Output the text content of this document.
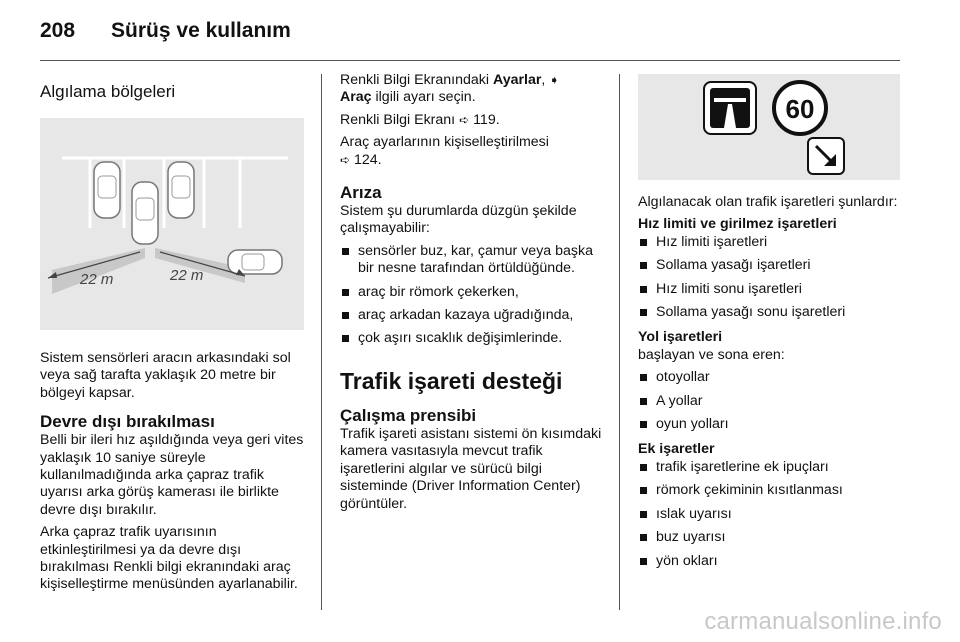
208 Sürüş ve kullanım
Algılama bölgeleri
22 m	22 m

Sistem sensörleri aracın arkasındaki sol veya sağ tarafta yaklaşık 20 metre bir bölgeyi kapsar.

Devre dışı bırakılması

Belli bir ileri hız aşıldığında veya geri vites yaklaşık 10 saniye süreyle kullanılmadığında arka çapraz trafik uyarısı arka görüş kamerası ile birlikte devre dışı bırakılır.

Arka çapraz trafik uyarısının etkinleştirilmesi ya da devre dışı bırakılması Renkli bilgi ekranındaki araç kişiselleştirme menüsünden ayarlanabilir.

Renkli Bilgi Ekranındaki Ayarlar, ➧
Araç ilgili ayarı seçin.

Renkli Bilgi Ekranı ➪ 119.

Araç ayarlarının kişiselleştirilmesi
➪ 124.

Arıza

Sistem şu durumlarda düzgün şekilde çalışmayabilir:

sensörler buz, kar, çamur veya başka bir nesne tarafından örtüldüğünde.
araç bir römork çekerken,
araç arkadan kazaya uğradığında,
çok aşırı sıcaklık değişimlerinde.
Trafik işareti desteği
Çalışma prensibi

Trafik işareti asistanı sistemi ön kısımdaki kamera vasıtasıyla mevcut trafik işaretlerini algılar ve sürücü bilgi sisteminde (Driver Information Center) görüntüler.

60

Algılanacak olan trafik işaretleri şunlardır:

Hız limiti ve girilmez işaretleri

Hız limiti işaretleri
Sollama yasağı işaretleri
Hız limiti sonu işaretleri
Sollama yasağı sonu işaretleri

Yol işaretleri

başlayan ve sona eren:

otoyollar
A yollar
oyun yolları

Ek işaretler

trafik işaretlerine ek ipuçları
römork çekiminin kısıtlanması
ıslak uyarısı
buz uyarısı
yön okları
carmanualsonline.info
